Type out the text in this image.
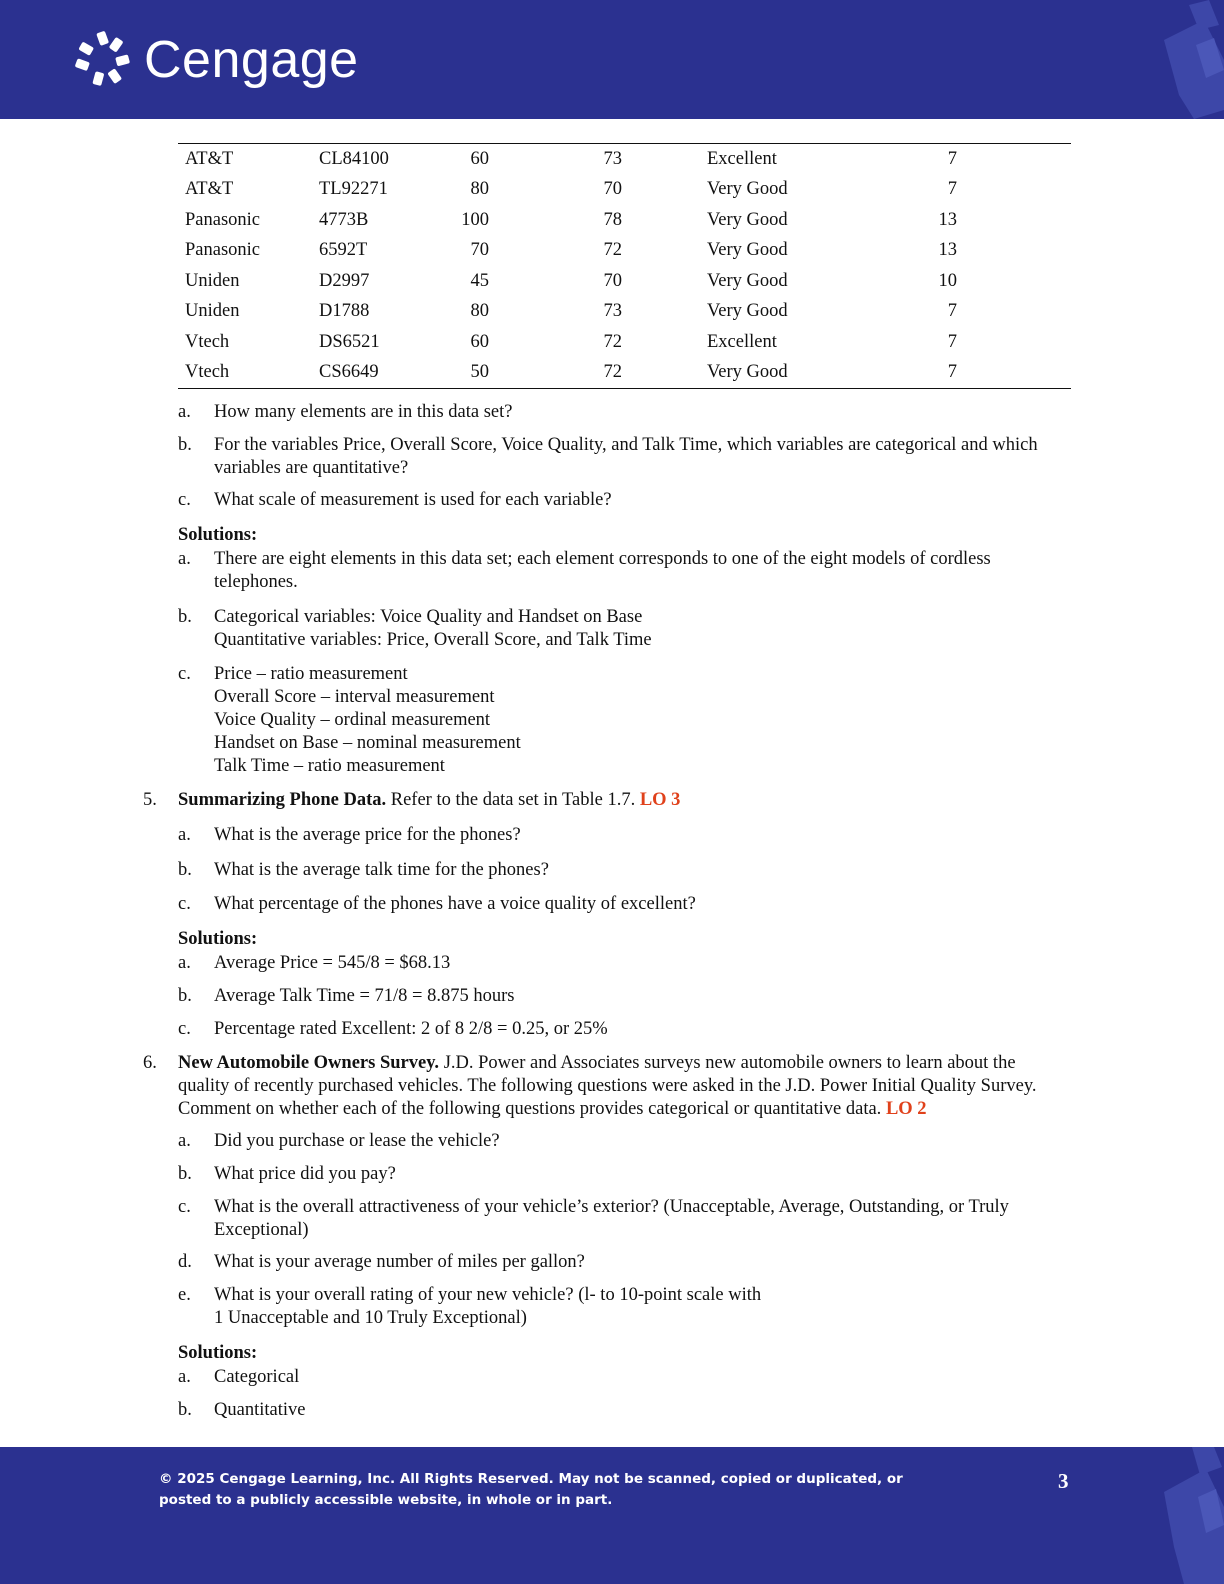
Cengage
AT&T	CL84100	60	73		Excellent	7	
AT&T	TL92271	80	70		Very Good	7	
Panasonic	4773B	100	78		Very Good	13	
Panasonic	6592T	70	72		Very Good	13	
Uniden	D2997	45	70		Very Good	10	
Uniden	D1788	80	73		Very Good	7	
Vtech	DS6521	60	72		Excellent	7	
Vtech	CS6649	50	72		Very Good	7	
a. How many elements are in this data set?
b. For the variables Price, Overall Score, Voice Quality, and Talk Time, which variables are categorical and which variables are quantitative?
c. What scale of measurement is used for each variable?
Solutions:
a. There are eight elements in this data set; each element corresponds to one of the eight models of cordless telephones.
b. Categorical variables: Voice Quality and Handset on Base
Quantitative variables: Price, Overall Score, and Talk Time
c. Price – ratio measurement
Overall Score – interval measurement
Voice Quality – ordinal measurement
Handset on Base – nominal measurement
Talk Time – ratio measurement
5. Summarizing Phone Data. Refer to the data set in Table 1.7. LO 3
a. What is the average price for the phones?
b. What is the average talk time for the phones?
c. What percentage of the phones have a voice quality of excellent?
Solutions:
a. Average Price = 545/8 = $68.13
b. Average Talk Time = 71/8 = 8.875 hours
c. Percentage rated Excellent: 2 of 8 2/8 = 0.25, or 25%
6. New Automobile Owners Survey. J.D. Power and Associates surveys new automobile owners to learn about the quality of recently purchased vehicles. The following questions were asked in the J.D. Power Initial Quality Survey. Comment on whether each of the following questions provides categorical or quantitative data. LO 2
a. Did you purchase or lease the vehicle?
b. What price did you pay?
c. What is the overall attractiveness of your vehicle’s exterior? (Unacceptable, Average, Outstanding, or Truly Exceptional)
d. What is your average number of miles per gallon?
e. What is your overall rating of your new vehicle? (l- to 10-point scale with
1 Unacceptable and 10 Truly Exceptional)
Solutions:
a. Categorical
b. Quantitative
© 2025 Cengage Learning, Inc. All Rights Reserved. May not be scanned, copied or duplicated, or posted to a publicly accessible website, in whole or in part.
3
